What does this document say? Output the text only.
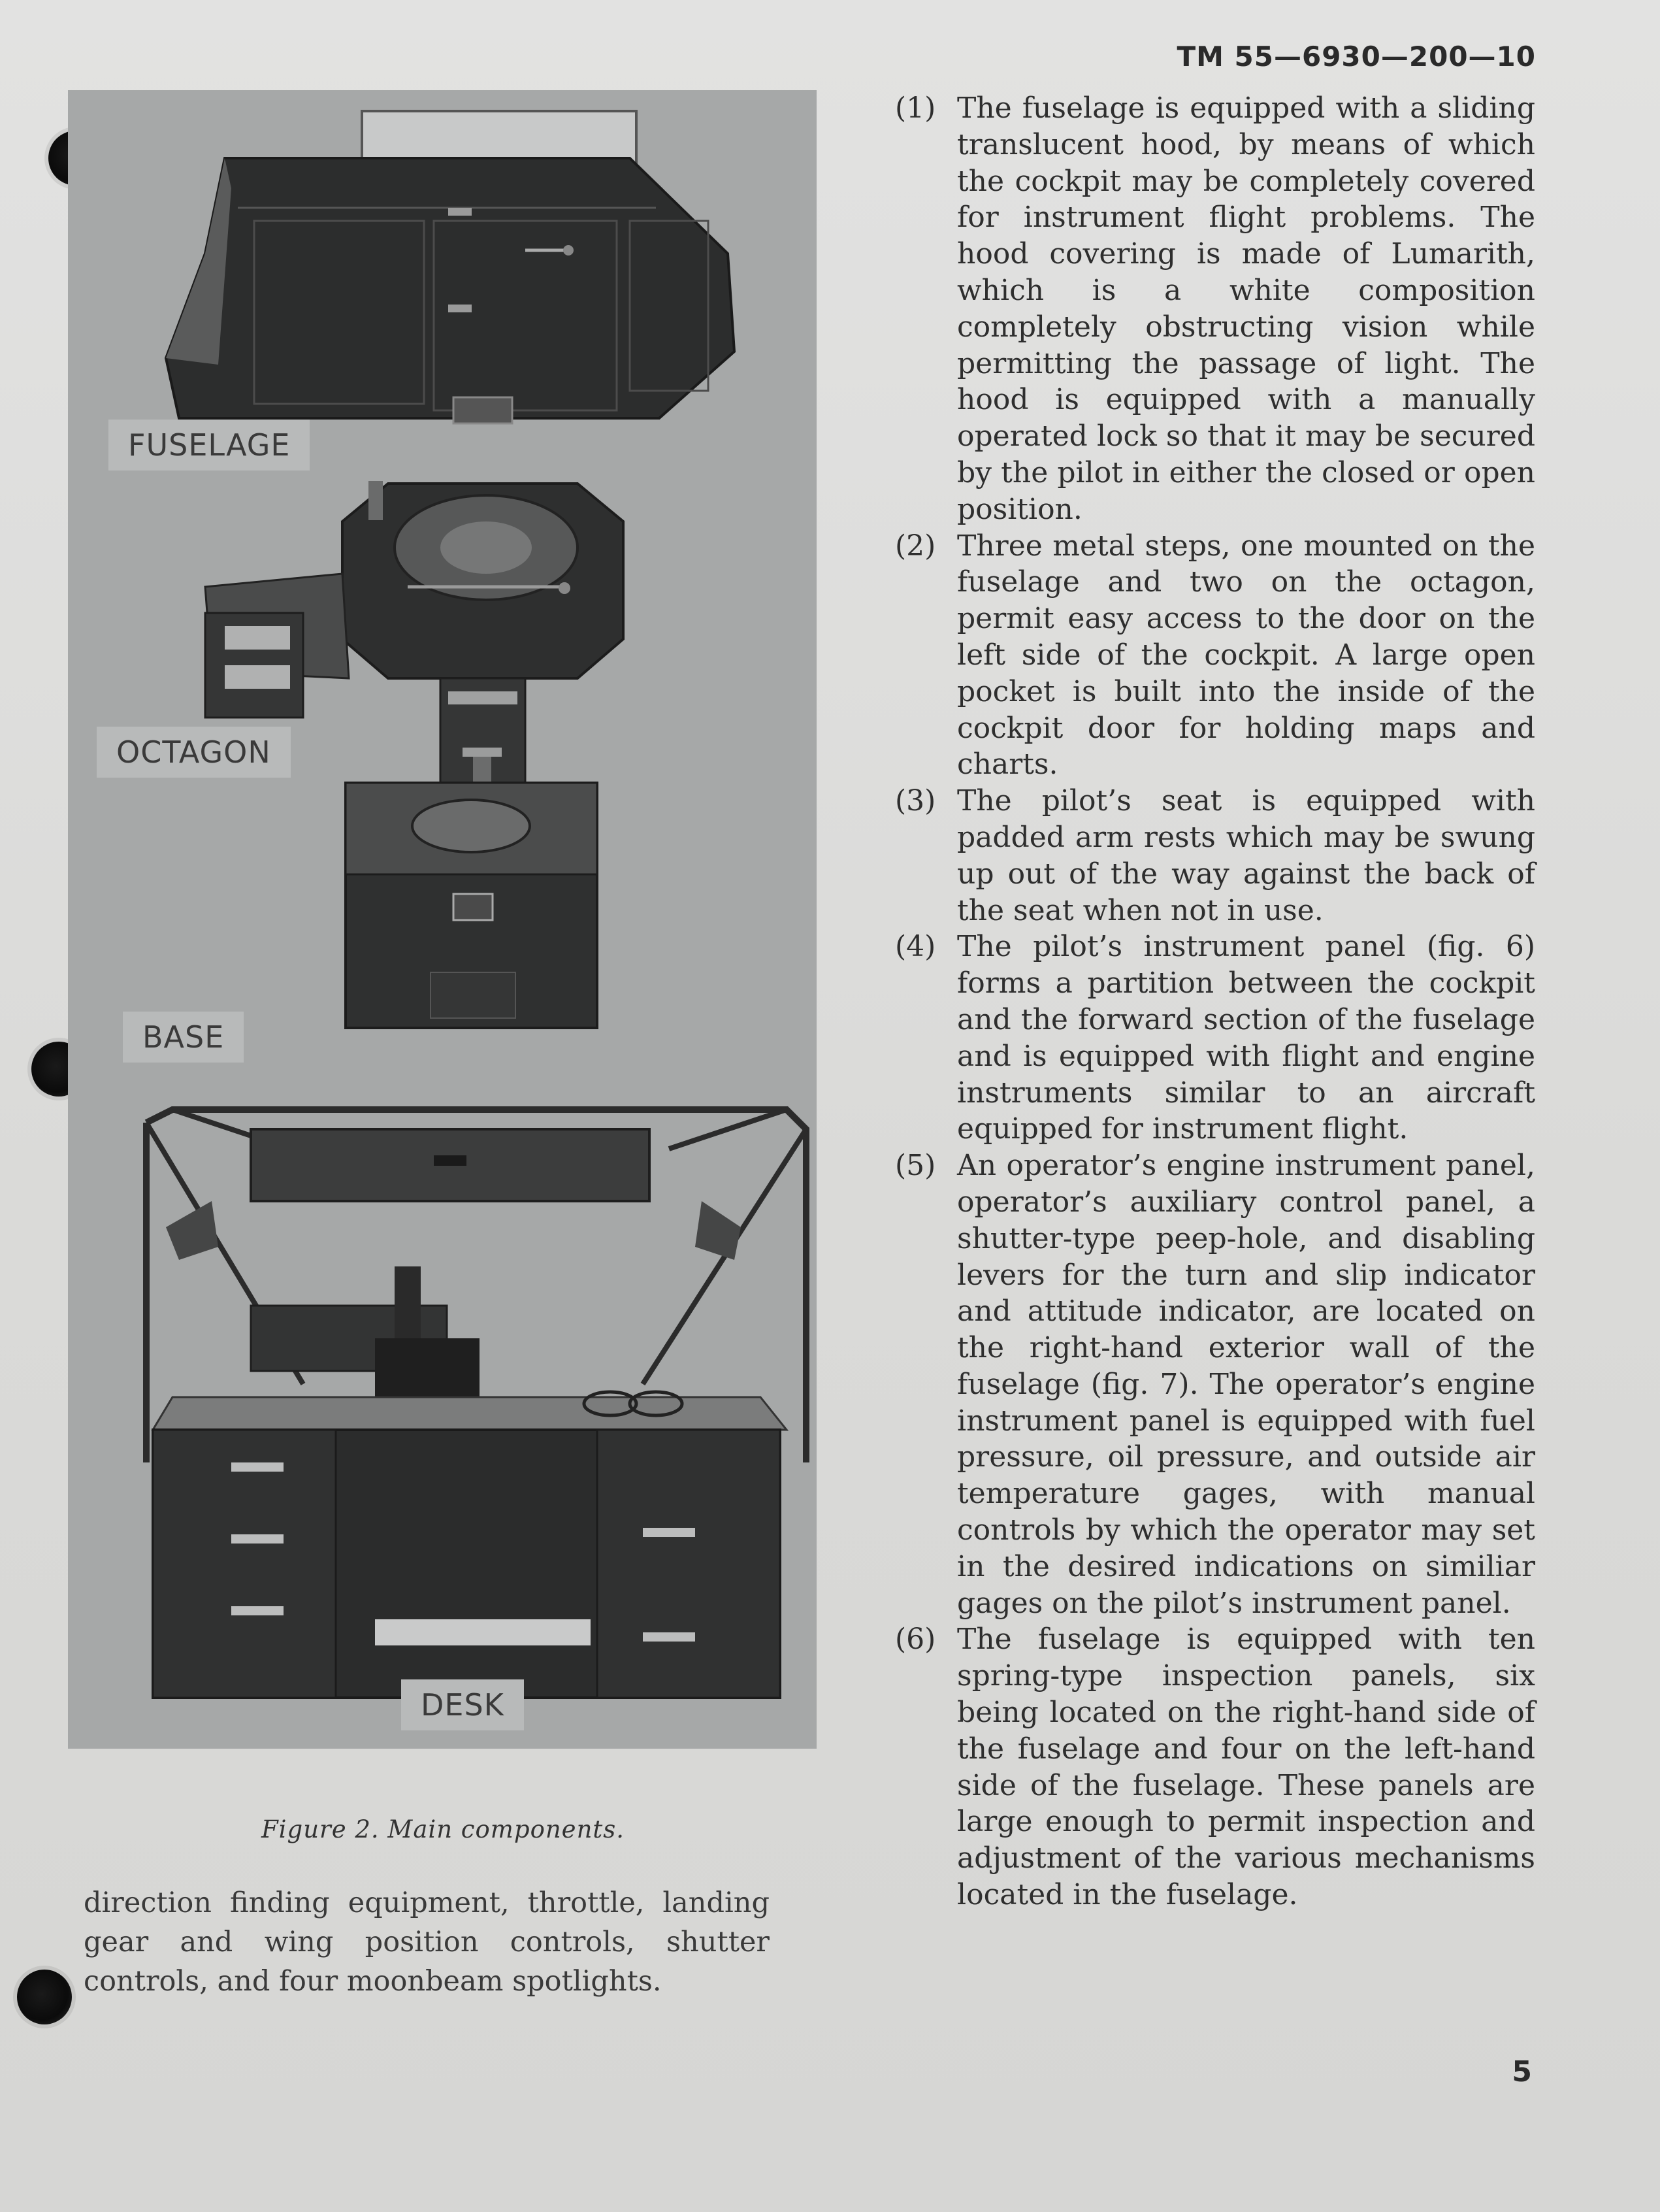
TM 55—6930—200—10
FUSELAGE
OCTAGON
BASE
DESK
Figure 2. Main components.
direction finding equipment, throttle, landing gear and wing position controls, shutter controls, and four moonbeam spotlights.
(1) The fuselage is equipped with a sliding translucent hood, by means of which the cockpit may be completely covered for instrument flight problems. The hood covering is made of Lumarith, which is a white composition completely obstructing vision while permitting the passage of light. The hood is equipped with a manually operated lock so that it may be secured by the pilot in either the closed or open position.
(2) Three metal steps, one mounted on the fuselage and two on the octagon, permit easy access to the door on the left side of the cockpit. A large open pocket is built into the inside of the cockpit door for holding maps and charts.
(3) The pilot’s seat is equipped with padded arm rests which may be swung up out of the way against the back of the seat when not in use.
(4) The pilot’s instrument panel (fig. 6) forms a partition between the cockpit and the forward section of the fuselage and is equipped with flight and engine instruments similar to an aircraft equipped for instrument flight.
(5) An operator’s engine instrument panel, operator’s auxiliary control panel, a shutter-type peep-hole, and disabling levers for the turn and slip indicator and attitude indicator, are located on the right-hand exterior wall of the fuselage (fig. 7). The operator’s engine instrument panel is equipped with fuel pressure, oil pressure, and outside air temperature gages, with manual controls by which the operator may set in the desired indications on similiar gages on the pilot’s instrument panel.
(6) The fuselage is equipped with ten spring-type inspection panels, six being located on the right-hand side of the fuselage and four on the left-hand side of the fuselage. These panels are large enough to permit inspection and adjustment of the various mechanisms located in the fuselage.
5
